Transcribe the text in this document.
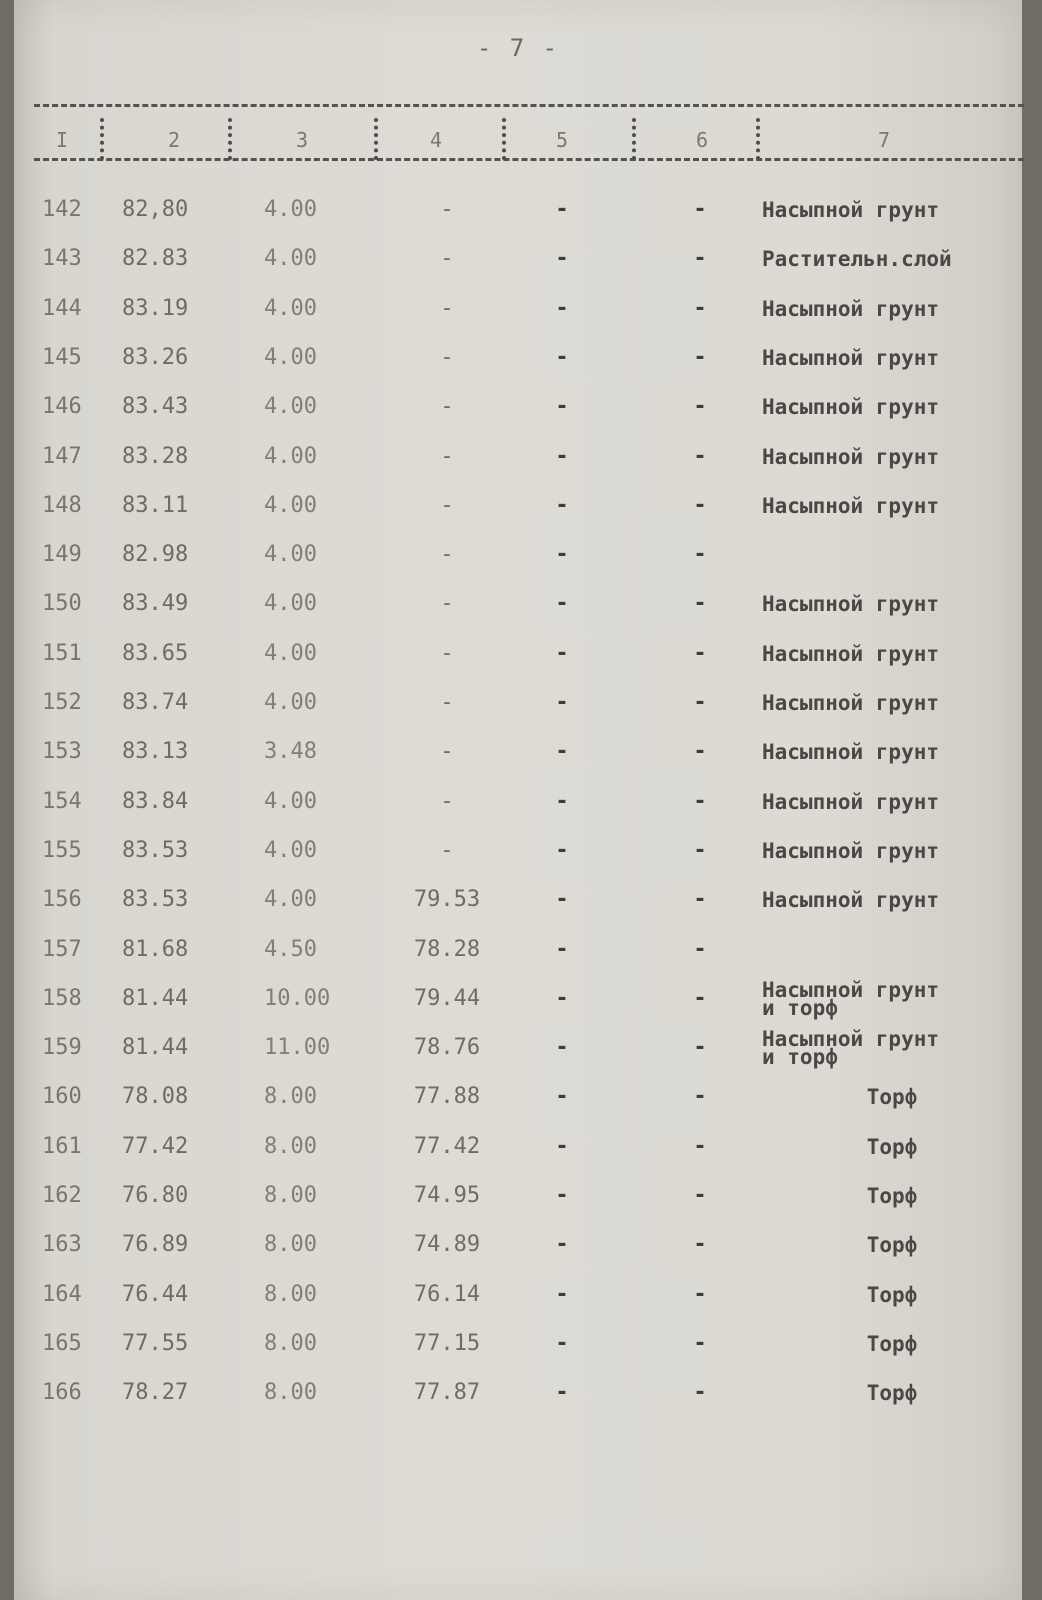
- 7 -
I	2	3	4	5	6	7
142	82,80	4.00	-	-	-	Насыпной грунт
143	82.83	4.00	-	-	-	Растительн.слой
144	83.19	4.00	-	-	-	Насыпной грунт
145	83.26	4.00	-	-	-	Насыпной грунт
146	83.43	4.00	-	-	-	Насыпной грунт
147	83.28	4.00	-	-	-	Насыпной грунт
148	83.11	4.00	-	-	-	Насыпной грунт
149	82.98	4.00	-	-	-
150	83.49	4.00	-	-	-	Насыпной грунт
151	83.65	4.00	-	-	-	Насыпной грунт
152	83.74	4.00	-	-	-	Насыпной грунт
153	83.13	3.48	-	-	-	Насыпной грунт
154	83.84	4.00	-	-	-	Насыпной грунт
155	83.53	4.00	-	-	-	Насыпной грунт
156	83.53	4.00	79.53	-	-	Насыпной грунт
157	81.68	4.50	78.28	-	-
158	81.44	10.00	79.44	-	-	Насыпной грунт
и торф
159	81.44	11.00	78.76	-	-	Насыпной грунт
и торф
160	78.08	8.00	77.88	-	-	Торф
161	77.42	8.00	77.42	-	-	Торф
162	76.80	8.00	74.95	-	-	Торф
163	76.89	8.00	74.89	-	-	Торф
164	76.44	8.00	76.14	-	-	Торф
165	77.55	8.00	77.15	-	-	Торф
166	78.27	8.00	77.87	-	-	Торф
